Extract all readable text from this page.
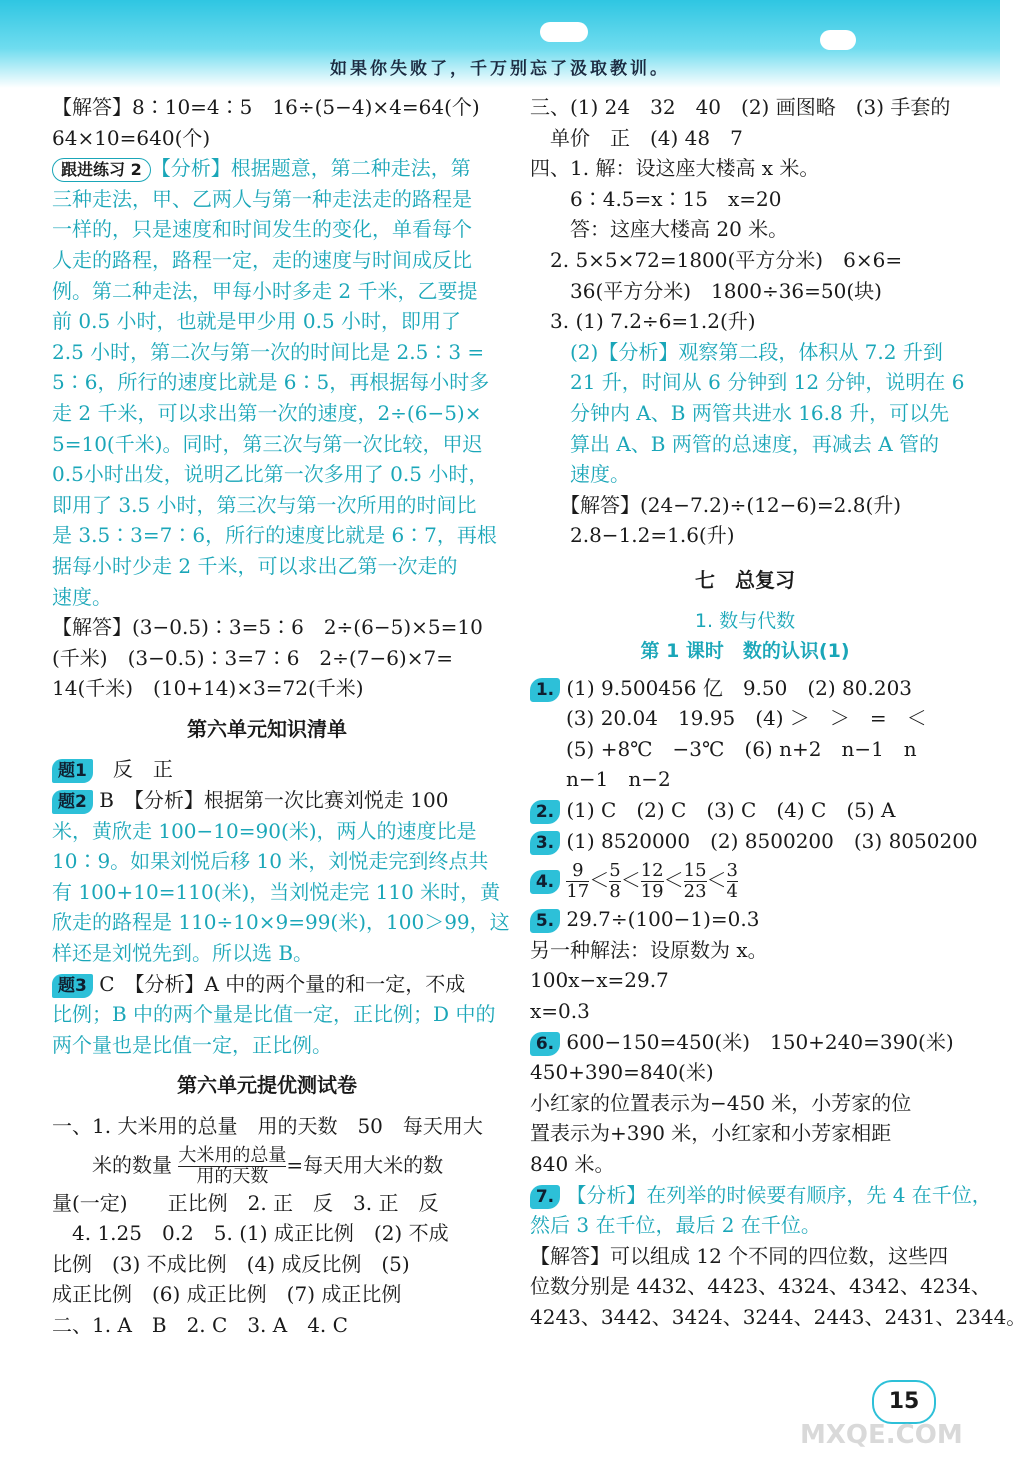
如果你失败了，千万别忘了汲取教训。
【解答】8∶10=4∶5　16÷(5−4)×4=64(个)
64×10=640(个)
跟进练习 2 【分析】根据题意，第二种走法，第
三种走法，甲、乙两人与第一种走法走的路程是
一样的，只是速度和时间发生的变化，单看每个
人走的路程，路程一定，走的速度与时间成反比
例。第二种走法，甲每小时多走 2 千米，乙要提
前 0.5 小时，也就是甲少用 0.5 小时，即用了
2.5 小时，第二次与第一次的时间比是 2.5∶3 =
5∶6，所行的速度比就是 6∶5，再根据每小时多
走 2 千米，可以求出第一次的速度，2÷(6−5)×
5=10(千米)。同时，第三次与第一次比较，甲迟
0.5小时出发，说明乙比第一次多用了 0.5 小时，
即用了 3.5 小时，第三次与第一次所用的时间比
是 3.5∶3=7∶6，所行的速度比就是 6∶7，再根
据每小时少走 2 千米，可以求出乙第一次走的
速度。
【解答】(3−0.5)∶3=5∶6　2÷(6−5)×5=10
(千米)　(3−0.5)∶3=7∶6　2÷(7−6)×7=
14(千米)　(10+14)×3=72(千米)
第六单元知识清单
题1　 反　正
题2 B　【分析】根据第一次比赛刘悦走 100
米，黄欣走 100−10=90(米)，两人的速度比是
10∶9。如果刘悦后移 10 米，刘悦走完到终点共
有 100+10=110(米)，当刘悦走完 110 米时，黄
欣走的路程是 110÷10×9=99(米)，100＞99，这
样还是刘悦先到。所以选 B。
题3 C　【分析】A 中的两个量的和一定，不成
比例；B 中的两个量是比值一定，正比例；D 中的
两个量也是比值一定，正比例。
第六单元提优测试卷
一、1. 大米用的总量　用的天数　50　每天用大
　　米的数量 $\frac{\text{大米用的总量}}{\text{用的天数}}$ =每天用大米的数
量(一定)　　正比例　2. 正　反　3. 正　反
　4. 1.25　0.2　5. (1) 成正比例　(2) 不成
比例　(3) 不成比例　(4) 成反比例　(5)
成正比例　(6) 成正比例　(7) 成正比例
二、1. A　B　2. C　3. A　4. C
三、(1) 24　32　40　(2) 画图略　(3) 手套的
　单价　正　(4) 48　7
四、1. 解：设这座大楼高 x 米。
　　6∶4.5=x∶15　x=20
　　答：这座大楼高 20 米。
　2. 5×5×72=1800(平方分米)　6×6=
　　36(平方分米)　1800÷36=50(块)
　3. (1) 7.2÷6=1.2(升)
　　(2)【分析】观察第二段，体积从 7.2 升到
　　21 升，时间从 6 分钟到 12 分钟，说明在 6
　　分钟内 A、B 两管共进水 16.8 升，可以先
　　算出 A、B 两管的总速度，再减去 A 管的
　　速度。
　　【解答】(24−7.2)÷(12−6)=2.8(升)
　　2.8−1.2=1.6(升)
七　总复习
1. 数与代数
第 1 课时　数的认识(1)
1. (1) 9.500456 亿　9.50　(2) 80.203
(3) 20.04　19.95　(4) ＞　＞　=　＜
(5) +8℃　−3℃　(6) n+2　n−1　n
n−1　n−2
2. (1) C　(2) C　(3) C　(4) C　(5) A
3. (1) 8520000　(2) 8500200　(3) 8050200
4. $\frac{9}{17} < \frac{5}{8} < \frac{12}{19} < \frac{15}{23} < \frac{3}{4}$
5. 29.7÷(100−1)=0.3
另一种解法：设原数为 x。
100x−x=29.7
x=0.3
6. 600−150=450(米)　150+240=390(米)
450+390=840(米)
小红家的位置表示为−450 米，小芳家的位
置表示为+390 米，小红家和小芳家相距
840 米。
7. 【分析】在列举的时候要有顺序，先 4 在千位，
然后 3 在千位，最后 2 在千位。
【解答】可以组成 12 个不同的四位数，这些四
位数分别是 4432、4423、4324、4342、4234、
4243、3442、3424、3244、2443、2431、2344。
15
MXQE.COM
